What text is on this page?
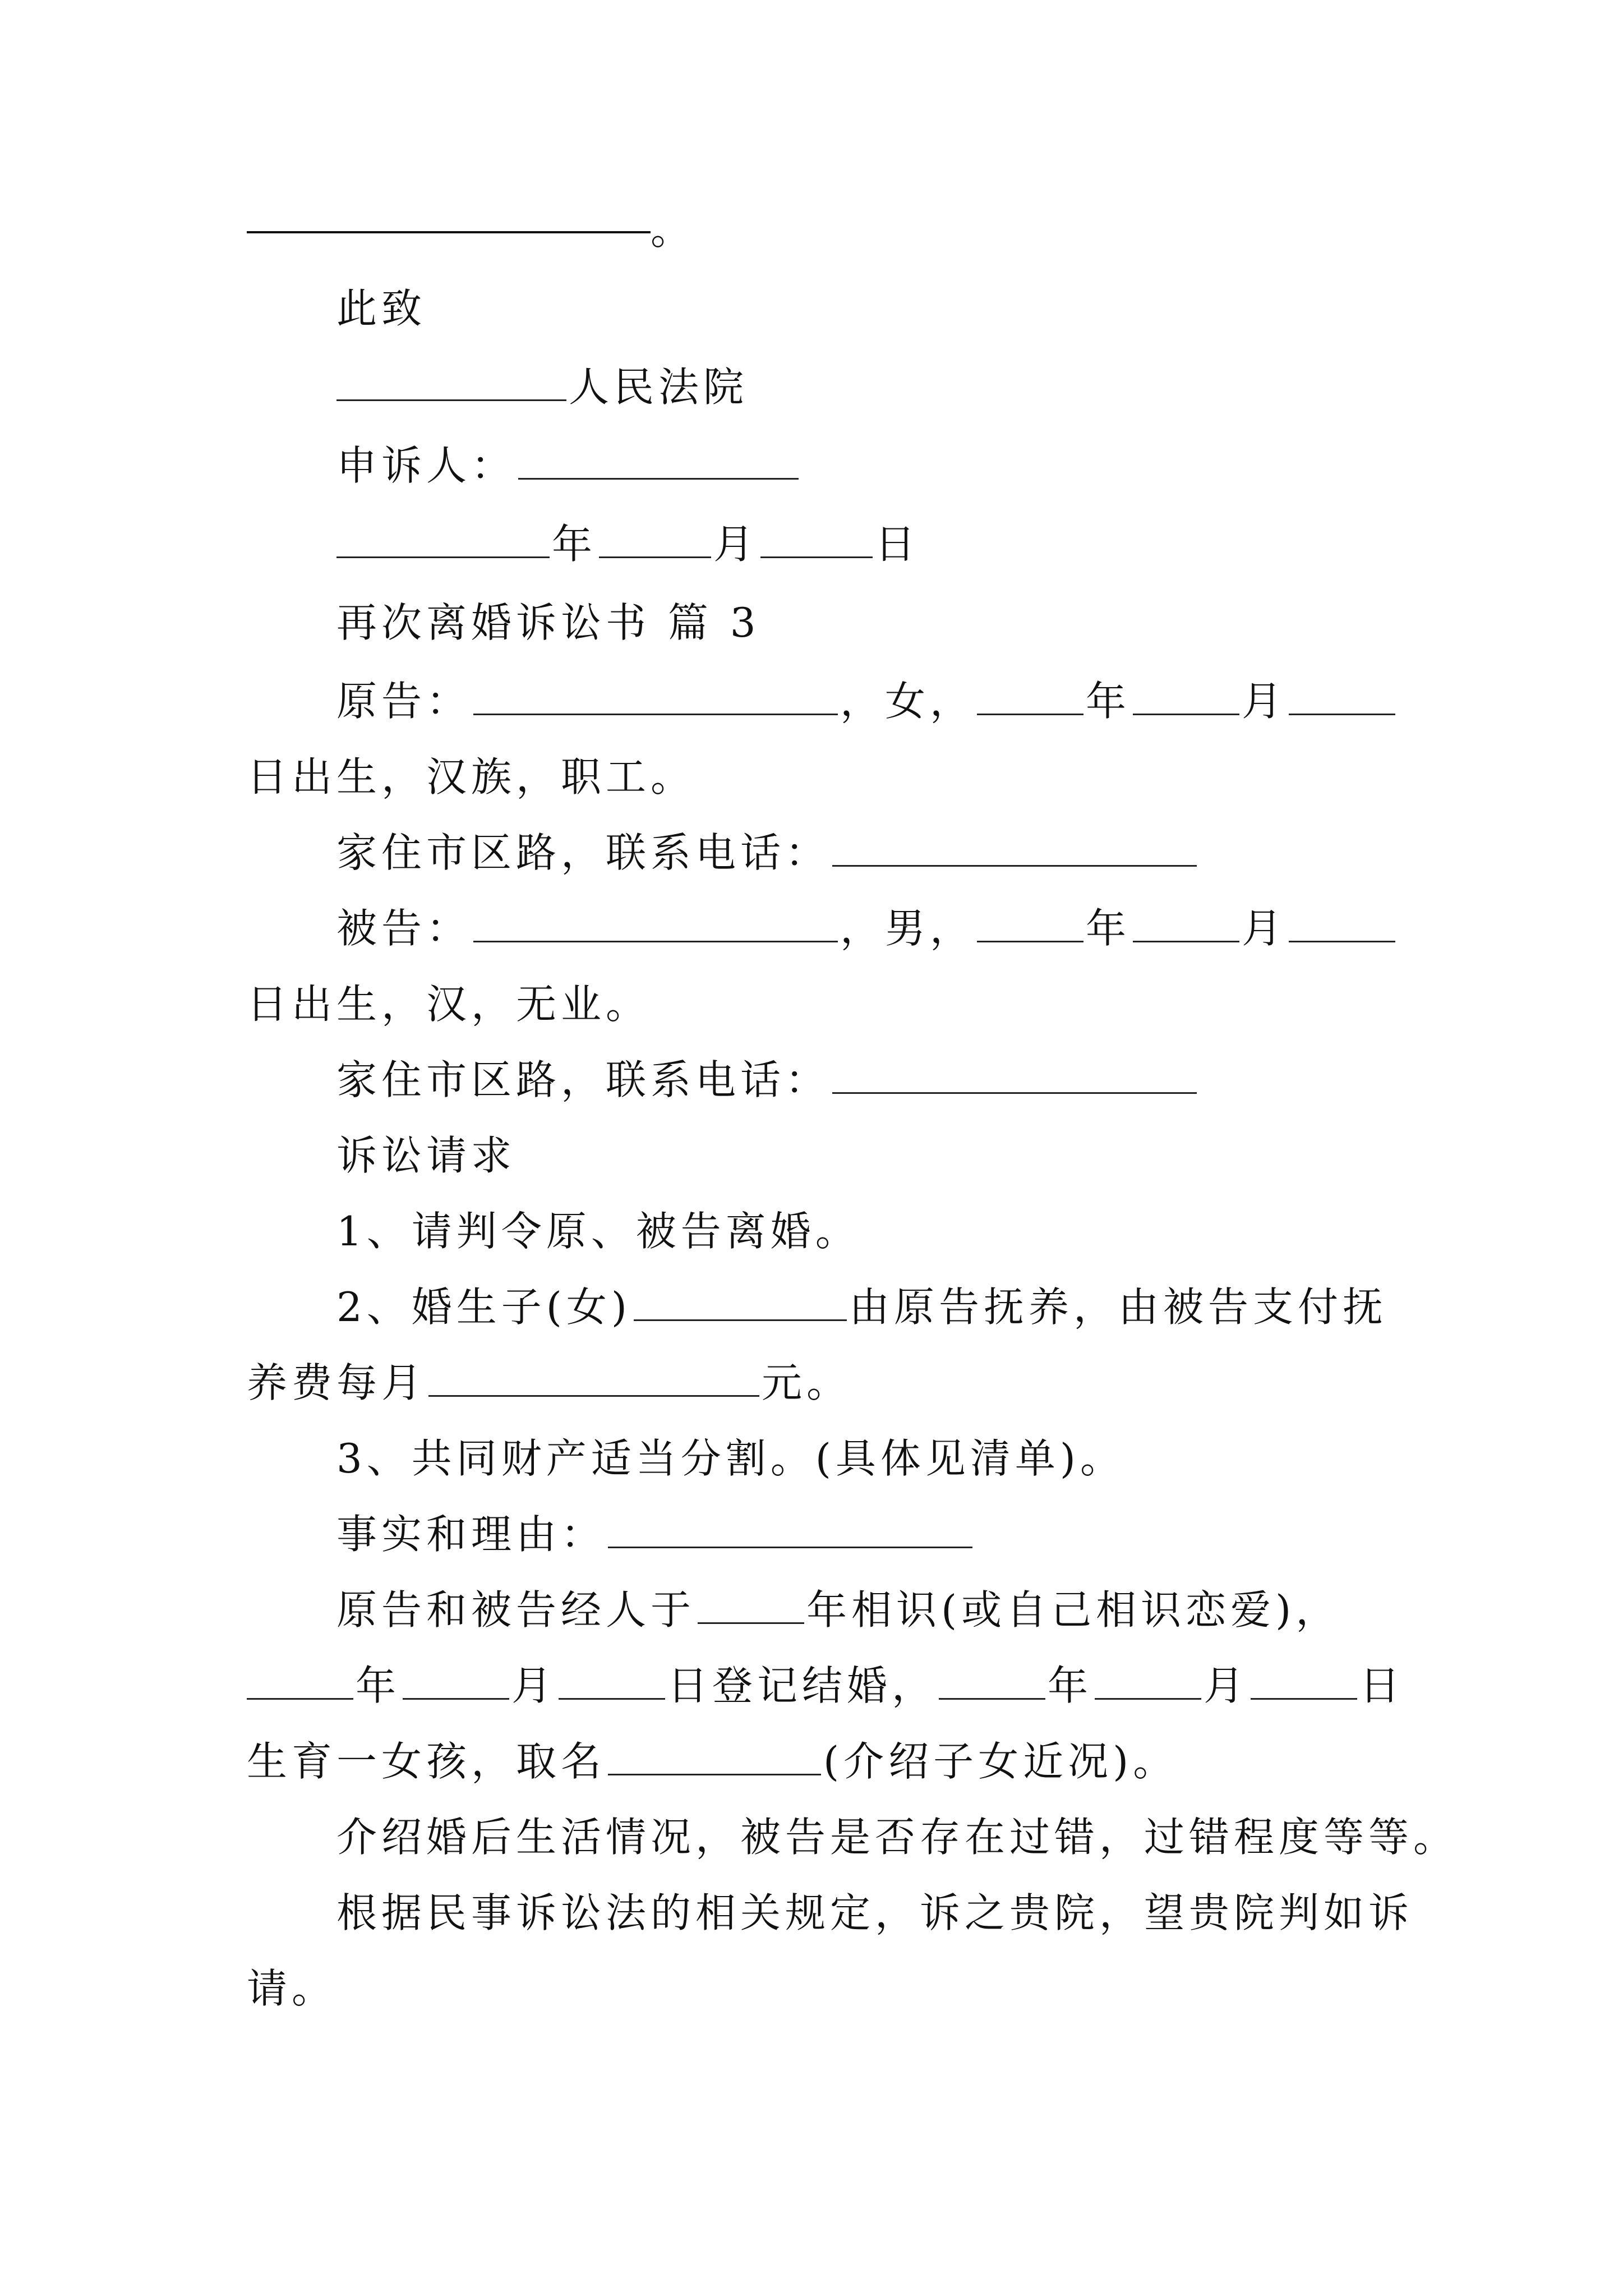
。
此致
人民法院
申诉人：
年	月	日
再次离婚诉讼书 篇 3
原告：	，女，	年	月
日出生，汉族，职工。
家住市区路，联系电话：
被告：	，男，	年	月
日出生，汉，无业。
家住市区路，联系电话：
诉讼请求
1、请判令原、被告离婚。
2、婚生子(女)	由原告抚养，由被告支付抚
养费每月	元。
3、共同财产适当分割。(具体见清单)。
事实和理由：
原告和被告经人于	年相识(或自己相识恋爱)，
年	月	日登记结婚，	年	月	日
生育一女孩，取名	(介绍子女近况)。
介绍婚后生活情况，被告是否存在过错，过错程度等等。
根据民事诉讼法的相关规定，诉之贵院，望贵院判如诉
请。
